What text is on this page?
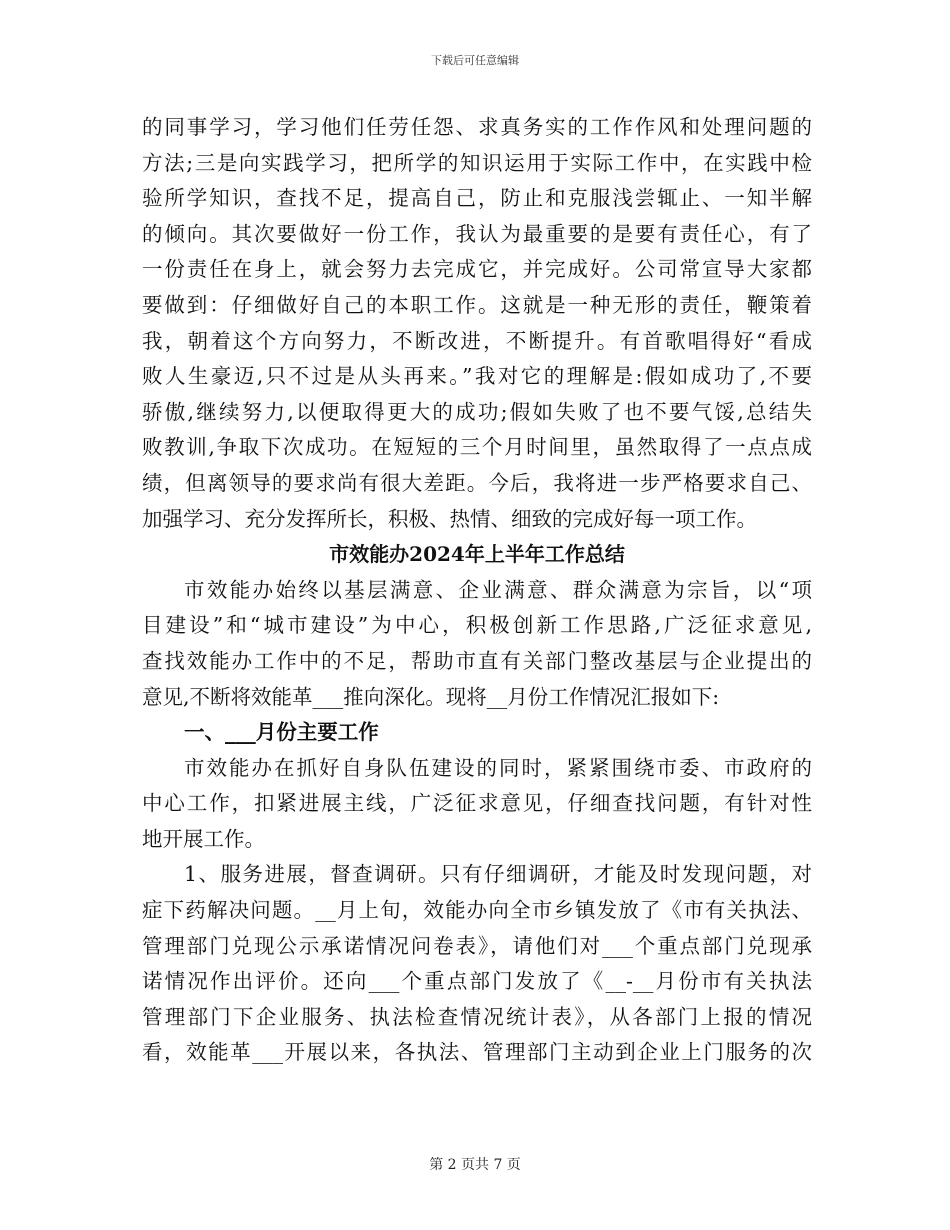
下载后可任意编辑
的同事学习，学习他们任劳任怨、求真务实的工作作风和处理问题的
方法;三是向实践学习，把所学的知识运用于实际工作中，在实践中检
验所学知识，查找不足，提高自己，防止和克服浅尝辄止、一知半解
的倾向。其次要做好一份工作，我认为最重要的是要有责任心，有了
一份责任在身上，就会努力去完成它，并完成好。公司常宣导大家都
要做到：仔细做好自己的本职工作。这就是一种无形的责任，鞭策着
我，朝着这个方向努力，不断改进，不断提升。有首歌唱得好“看成
败人生豪迈,只不过是从头再来。”我对它的理解是:假如成功了,不要
骄傲,继续努力,以便取得更大的成功;假如失败了也不要气馁,总结失
败教训,争取下次成功。在短短的三个月时间里，虽然取得了一点点成
绩，但离领导的要求尚有很大差距。今后，我将进一步严格要求自己、
加强学习、充分发挥所长，积极、热情、细致的完成好每一项工作。
市效能办2024年上半年工作总结
市效能办始终以基层满意、企业满意、群众满意为宗旨，以“项
目建设”和“城市建设”为中心，积极创新工作思路,广泛征求意见,
查找效能办工作中的不足，帮助市直有关部门整改基层与企业提出的
意见,不断将效能革___推向深化。现将__月份工作情况汇报如下:
一、___月份主要工作
市效能办在抓好自身队伍建设的同时，紧紧围绕市委、市政府的
中心工作，扣紧进展主线，广泛征求意见，仔细查找问题，有针对性
地开展工作。
1、服务进展，督查调研。只有仔细调研，才能及时发现问题，对
症下药解决问题。__月上旬，效能办向全市乡镇发放了《市有关执法、
管理部门兑现公示承诺情况问卷表》，请他们对___个重点部门兑现承
诺情况作出评价。还向___个重点部门发放了《__-__月份市有关执法
管理部门下企业服务、执法检查情况统计表》，从各部门上报的情况
看，效能革___开展以来，各执法、管理部门主动到企业上门服务的次
第 2 页共 7 页
